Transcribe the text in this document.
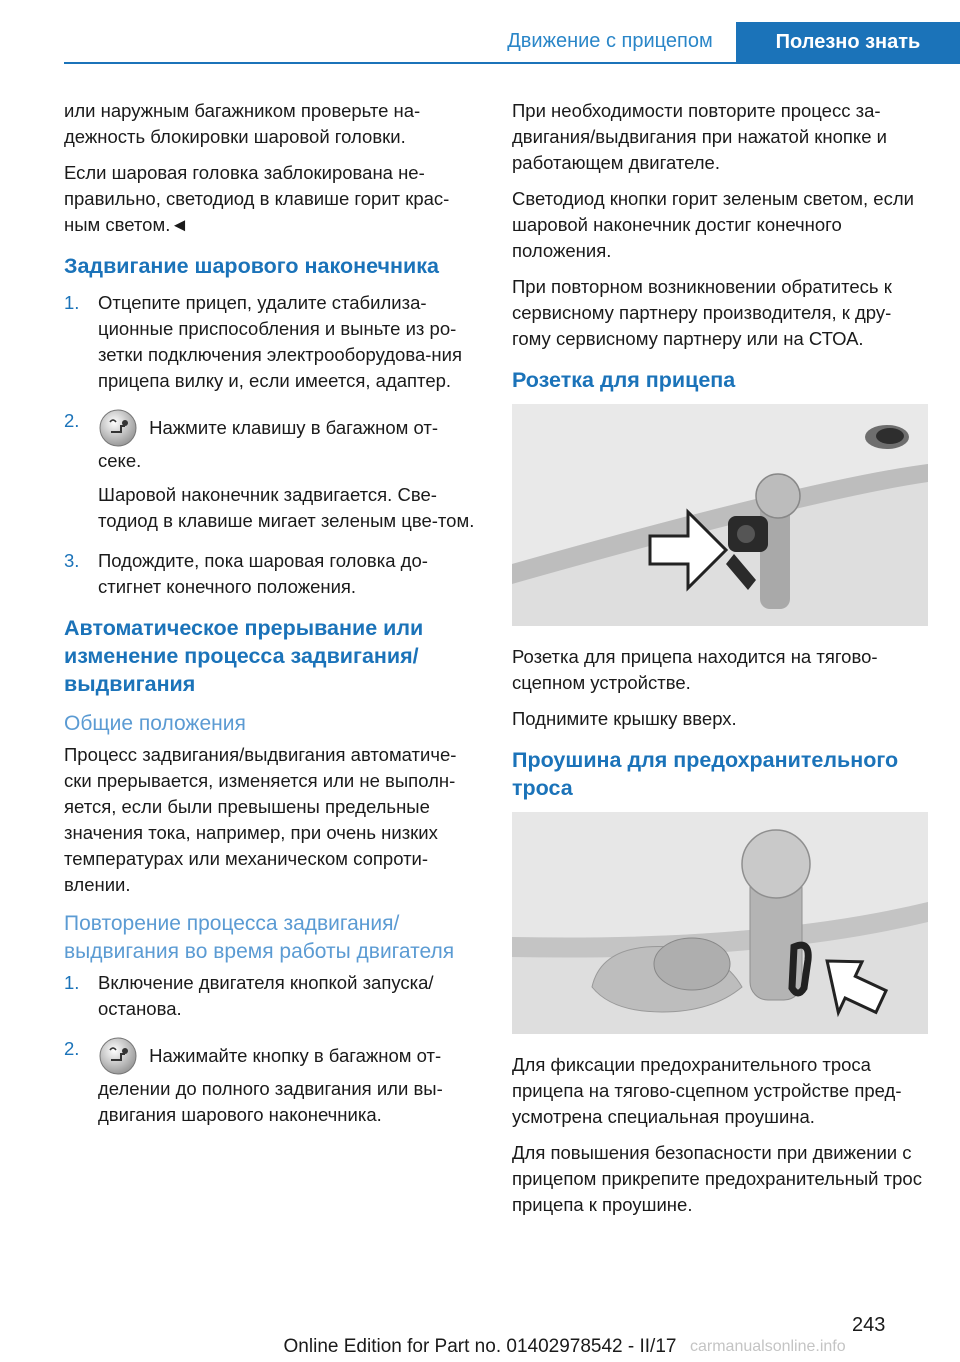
Движение с прицепом	Полезно знать

или наружным багажником проверьте на-дежность блокировки шаровой головки.

Если шаровая головка заблокирована не-правильно, светодиод в клавише горит крас-ным светом.◄

Задвигание шарового наконечника
1. Отцепите прицеп, удалите стабилиза-ционные приспособления и выньте из ро-зетки подключения электрооборудова-ния прицепа вилку и, если имеется, адаптер.
2.	Нажмите клавишу в багажном от-секе.
Шаровой наконечник задвигается. Све-тодиод в клавише мигает зеленым цве-том.
3. Подождите, пока шаровая головка до-стигнет конечного положения.
Автоматическое прерывание или изменение процесса задвигания/ выдвигания
Общие положения

Процесс задвигания/выдвигания автоматиче-ски прерывается, изменяется или не выполн-яется, если были превышены предельные значения тока, например, при очень низких температурах или механическом сопроти-влении.

Повторение процесса задвигания/ выдвигания во время работы двигателя
1. Включение двигателя кнопкой запуска/ останова.
2.	Нажимайте кнопку в багажном от-делении до полного задвигания или вы-двигания шарового наконечника.

При необходимости повторите процесс за-двигания/выдвигания при нажатой кнопке и работающем двигателе.

Светодиод кнопки горит зеленым светом, если шаровой наконечник достиг конечного положения.

При повторном возникновении обратитесь к сервисному партнеру производителя, к дру-гому сервисному партнеру или на СТОА.

Розетка для прицепа

Розетка для прицепа находится на тягово-сцепном устройстве.

Поднимите крышку вверх.

Проушина для предохранительного троса

Для фиксации предохранительного троса прицепа на тягово-сцепном устройстве пред-усмотрена специальная проушина.

Для повышения безопасности при движении с прицепом прикрепите предохранительный трос прицепа к проушине.

243
Online Edition for Part no. 01402978542 - II/17 carmanualsonline.info
